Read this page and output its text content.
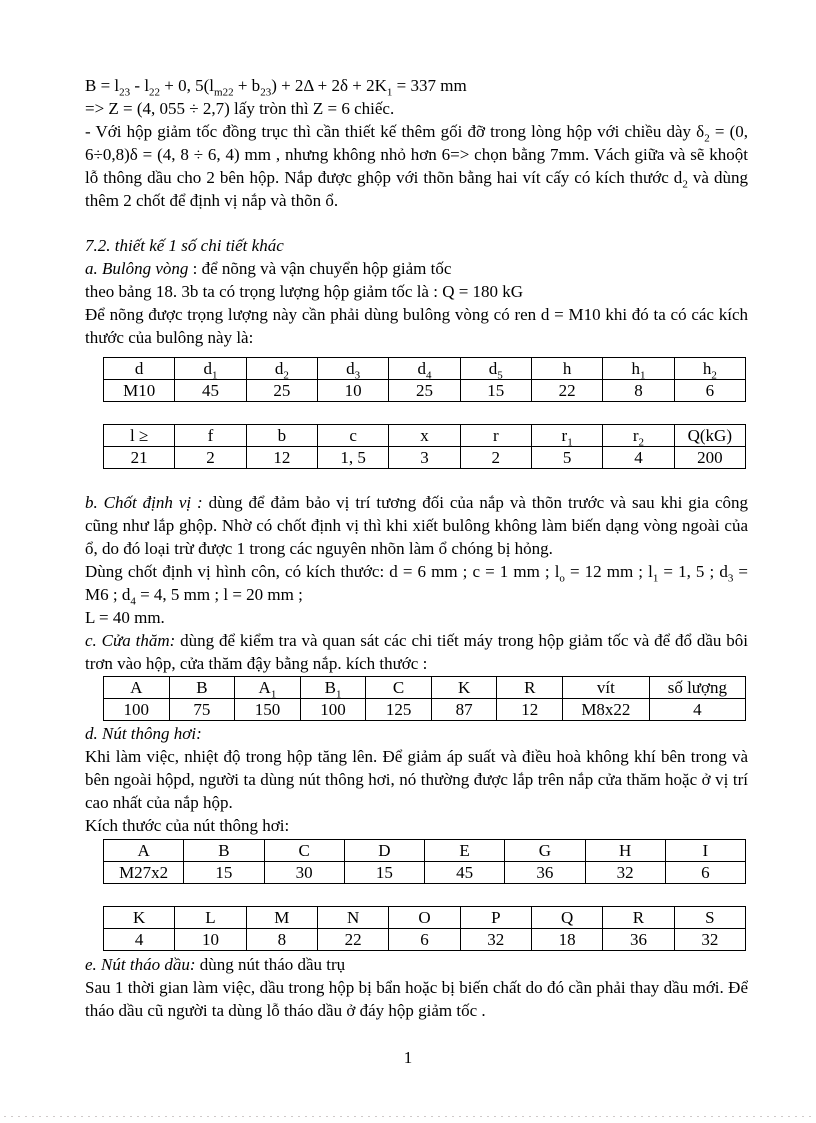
$B = l_{23} - l_{22} + 0$, $5(l_{m22} + b_{23}) + 2\Delta + 2\delta + 2K_1 = 337$ mm
=> Z = (4, 055 ÷ 2,7) lấy tròn thì Z = 6 chiếc.
- Với hộp giảm tốc đồng trục thì cần thiết kế thêm gối đỡ trong lòng hộp với chiều dày $\delta_2 = (0$, 6÷0,8)δ = (4, 8 ÷ 6, 4) mm , nhưng không nhỏ hơn 6=> chọn bằng 7mm. Vách giữa và sẽ khoột lỗ thông dầu cho 2 bên hộp. Nắp được ghộp với thõn bằng hai vít cấy có kích thước $d_2$ và dùng thêm 2 chốt để định vị nắp và thõn ổ.
7.2. thiết kế 1 số chi tiết khác
a. Bulông vòng : để nõng và vận chuyển hộp giảm tốc
theo bảng 18. 3b ta có trọng lượng hộp giảm tốc là : Q = 180 kG
Để nõng được trọng lượng này cần phải dùng bulông vòng có ren d = M10 khi đó ta có các kích thước của bulông này là:
d	$d_1$	$d_2$	$d_3$	$d_4$	$d_5$	h	$h_1$	$h_2$
M10	45	25	10	25	15	22	8	6
l ≥	f	b	c	x	r	$r_1$	$r_2$	Q(kG)
21	2	12	1, 5	3	2	5	4	200
b. Chốt định vị : dùng để đảm bảo vị trí tương đối của nắp và thõn trước và sau khi gia công cũng như lắp ghộp. Nhờ có chốt định vị thì khi xiết bulông không làm biến dạng vòng ngoài của ổ, do đó loại trừ được 1 trong các nguyên nhõn làm ổ chóng bị hỏng.
Dùng chốt định vị hình côn, có kích thước: d = 6 mm ; c = 1 mm ; $l_o = 12$ mm ; $l_1 = 1$, 5 ; $d_3 = M6$ ; $d_4 = 4$, 5 mm ; l = 20 mm ;
L = 40 mm.
c. Cửa thăm: dùng để kiểm tra và quan sát các chi tiết máy trong hộp giảm tốc và để đổ dầu bôi trơn vào hộp, cửa thăm đậy bằng nắp. kích thước :
A	B	$A_1$	$B_1$	C	K	R	vít	số lượng
100	75	150	100	125	87	12	M8x22	4
d. Nút thông hơi:
Khi làm việc, nhiệt độ trong hộp tăng lên. Để giảm áp suất và điều hoà không khí bên trong và bên ngoài hộpd, người ta dùng nút thông hơi, nó thường được lắp trên nắp cửa thăm hoặc ở vị trí cao nhất của nắp hộp.
Kích thước của nút thông hơi:
A	B	C	D	E	G	H	I
M27x2	15	30	15	45	36	32	6
K	L	M	N	O	P	Q	R	S
4	10	8	22	6	32	18	36	32
e. Nút tháo dầu: dùng nút tháo dầu trụ
Sau 1 thời gian làm việc, dầu trong hộp bị bẩn hoặc bị biến chất do đó cần phải thay dầu mới. Để tháo dầu cũ người ta dùng lỗ tháo dầu ở đáy hộp giảm tốc .
1
